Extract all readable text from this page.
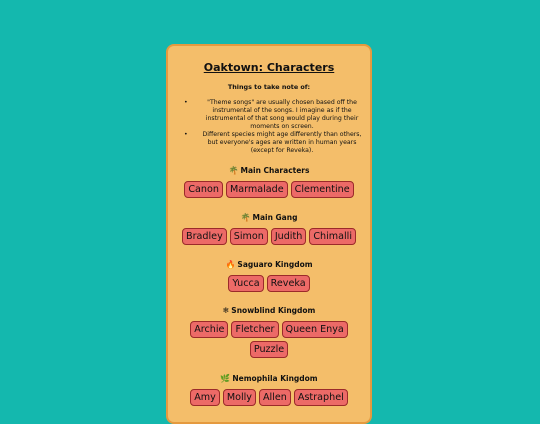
Oaktown: Characters
Things to take note of:
•	"Theme songs" are usually chosen based off the instrumental of the songs. I imagine as if the instrumental of that song would play during their moments on screen.
• Different species might age differently than others, but everyone's ages are written in human years (except for Reveka).
🌴 Main Characters
Canon	Marmalade	Clementine
🌴 Main Gang
Bradley	Simon	Judith	Chimalli
🔥 Saguaro Kingdom
Yucca	Reveka
❄ Snowblind Kingdom
Archie	Fletcher	Queen Enya
Puzzle
🌿 Nemophila Kingdom
Amy	Molly	Allen	Astraphel
